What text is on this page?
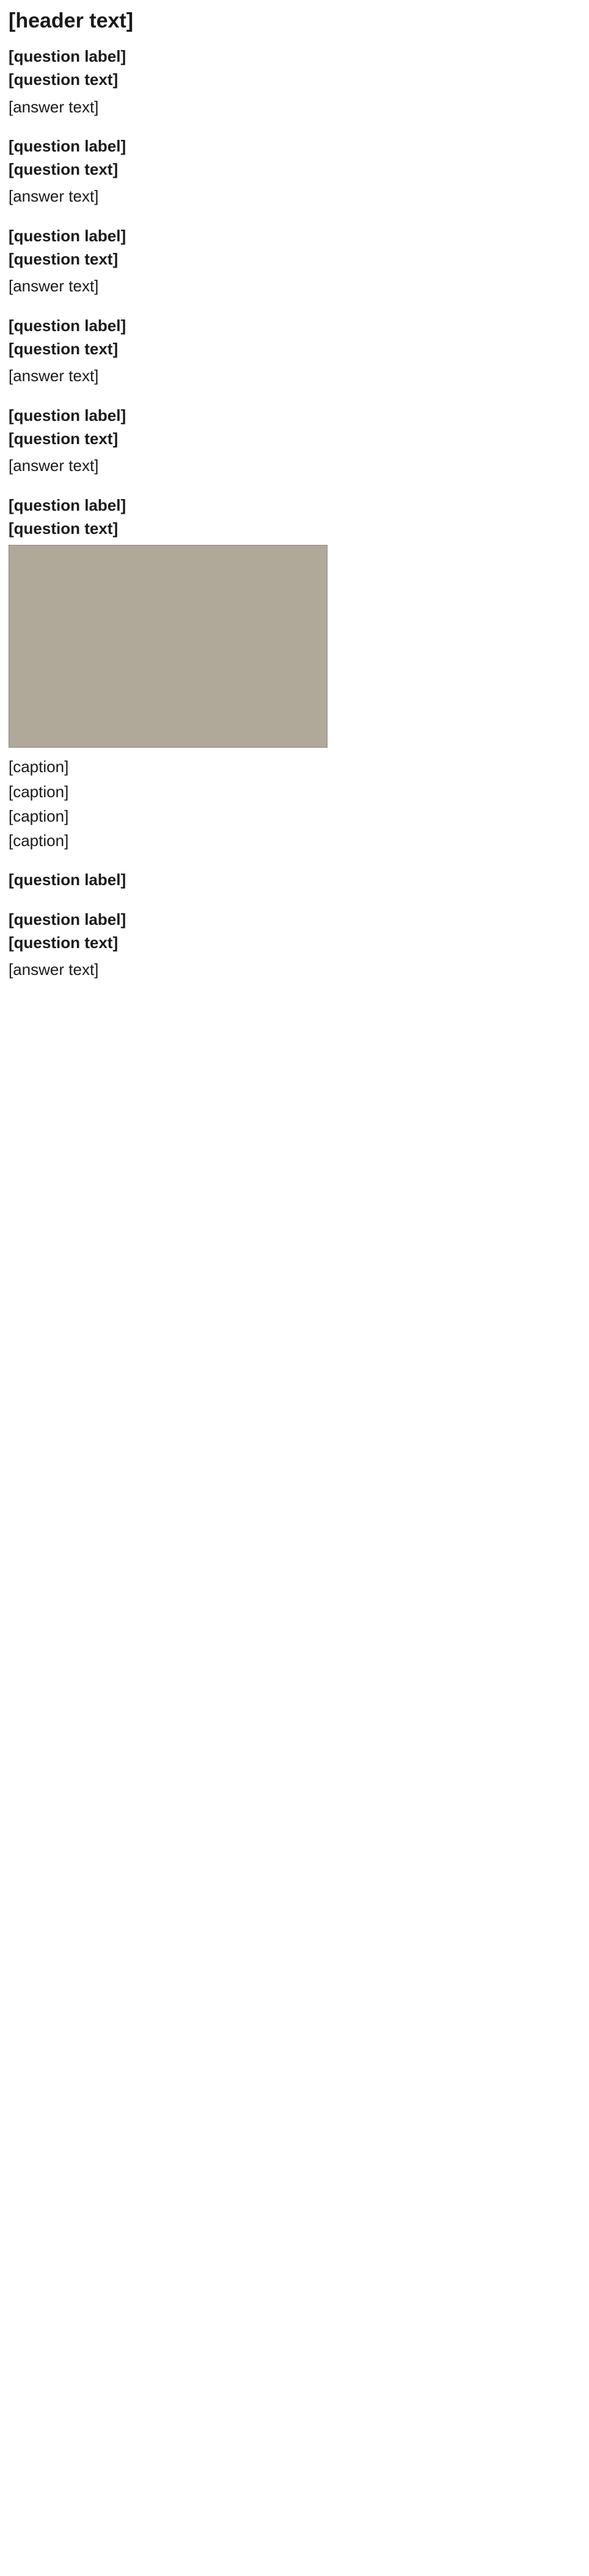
[header text]
[question label]
[question text]
[answer text]
[question label]
[question text]
[answer text]
[question label]
[question text]
[answer text]
[question label]
[question text]
[answer text]
[question label]
[question text]
[answer text]
[question label]
[question text]
[caption]
[caption]
[caption]
[caption]
[question label]
[question label]
[question text]
[answer text]
